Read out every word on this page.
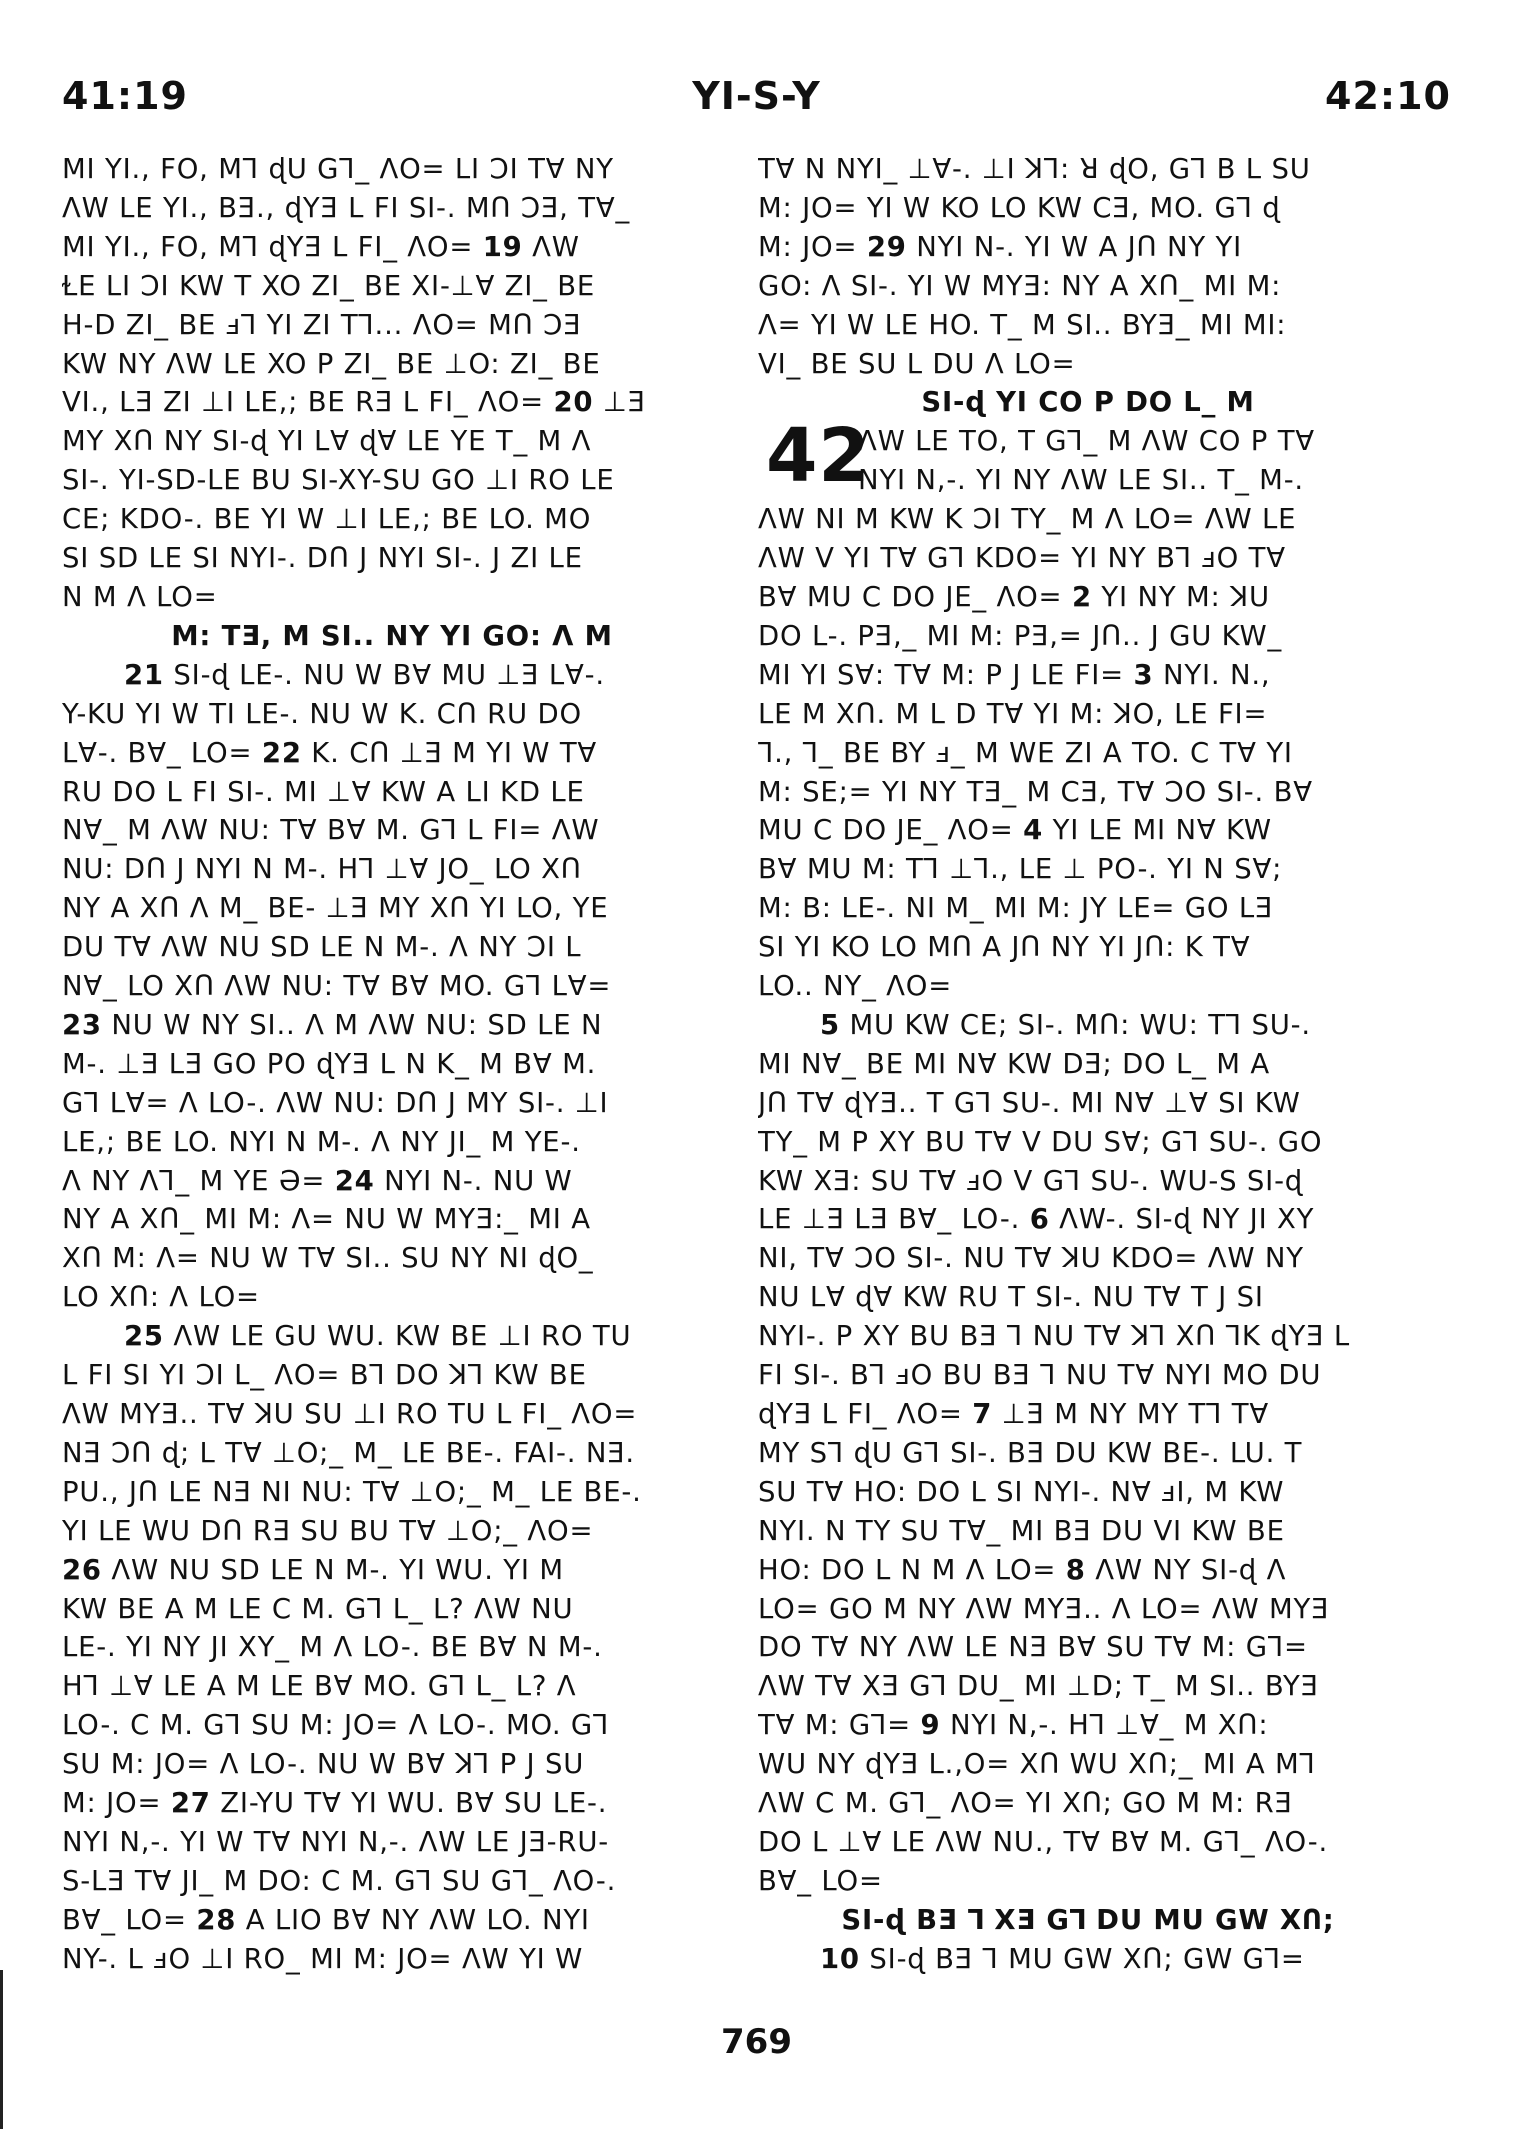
41:19	YI-S-Y	42:10
MI YI., FO, M⅂ ɖU G⅂_ ɅO= LI ƆI TⱯ NY
ɅW LE YI., BƎ., ɖYƎ L FI SI-. MՈ ƆƎ, TⱯ_
MI YI., FO, M⅂ ɖYƎ L FI_ ɅO= 19 ɅW
ⱢE LI ƆI KW T XO ZI_ BE XI-⊥Ɐ ZI_ BE
H-D ZI_ BE ⅎ⅂ YI ZI T⅂... ɅO= MՈ ƆƎ
KW NY ɅW LE XO P ZI_ BE ⊥O: ZI_ BE
VI., LƎ ZI ⊥I LE,; BE RƎ L FI_ ɅO= 20 ⊥Ǝ
MY XՈ NY SI-ɖ YI LⱯ ɖⱯ LE YE T_ M Ʌ
SI-. YI-SD-LE BU SI-XY-SU GO ⊥I RO LE
CE; KDO-. BE YI W ⊥I LE,; BE LO. MO
SI SD LE SI NYI-. DՈ J NYI SI-. J ZI LE
N M Ʌ LO=
M: TƎ, M SI.. NY YI GO: Ʌ M
21 SI-ɖ LE-. NU W BⱯ MU ⊥Ǝ LⱯ-.
Y-KU YI W TI LE-. NU W K. CՈ RU DO
LⱯ-. BⱯ_ LO= 22 K. CՈ ⊥Ǝ M YI W TⱯ
RU DO L FI SI-. MI ⊥Ɐ KW A LI KD LE
NⱯ_ M ɅW NU: TⱯ BⱯ M. G⅂ L FI= ɅW
NU: DՈ J NYI N M-. H⅂ ⊥Ɐ JO_ LO XՈ
NY A XՈ Ʌ M_ BE- ⊥Ǝ MY XՈ YI LO, YE
DU TⱯ ɅW NU SD LE N M-. Ʌ NY ƆI L
NⱯ_ LO XՈ ɅW NU: TⱯ BⱯ MO. G⅂ LⱯ=
23 NU W NY SI.. Ʌ M ɅW NU: SD LE N
M-. ⊥Ǝ LƎ GO PO ɖYƎ L N K_ M BⱯ M.
G⅂ LⱯ= Ʌ LO-. ɅW NU: DՈ J MY SI-. ⊥I
LE,; BE LO. NYI N M-. Ʌ NY JI_ M YE-.
Ʌ NY Ʌ⅂_ M YE Ә= 24 NYI N-. NU W
NY A XՈ_ MI M: Ʌ= NU W MYƎ:_ MI A
XՈ M: Ʌ= NU W TⱯ SI.. SU NY NI ɖO_
LO XՈ: Ʌ LO=
25 ɅW LE GU WU. KW BE ⊥I RO TU
L FI SI YI ƆI L_ ɅO= B⅂ DO ꓘ⅂ KW BE
ɅW MYƎ.. TⱯ ꓘU SU ⊥I RO TU L FI_ ɅO=
NƎ ƆՈ ɖ; L TⱯ ⊥O;_ M_ LE BE-. FAI-. NƎ.
PU., JՈ LE NƎ NI NU: TⱯ ⊥O;_ M_ LE BE-.
YI LE WU DՈ RƎ SU BU TⱯ ⊥O;_ ɅO=
26 ɅW NU SD LE N M-. YI WU. YI M
KW BE A M LE C M. G⅂ L_ L? ɅW NU
LE-. YI NY JI XY_ M Ʌ LO-. BE BⱯ N M-.
H⅂ ⊥Ɐ LE A M LE BⱯ MO. G⅂ L_ L? Ʌ
LO-. C M. G⅂ SU M: JO= Ʌ LO-. MO. G⅂
SU M: JO= Ʌ LO-. NU W BⱯ ꓘ⅂ P J SU
M: JO= 27 ZI-YU TⱯ YI WU. BⱯ SU LE-.
NYI N,-. YI W TⱯ NYI N,-. ɅW LE JƎ-RU-
S-LƎ TⱯ JI_ M DO: C M. G⅂ SU G⅂_ ɅO-.
BⱯ_ LO= 28 A LIO BⱯ NY ɅW LO. NYI
NY-. L ⅎO ⊥I RO_ MI M: JO= ɅW YI W
TⱯ N NYI_ ⊥Ɐ-. ⊥I ꓘ⅂: ꓤ ɖO, G⅂ B L SU
M: JO= YI W KO LO KW CƎ, MO. G⅂ ɖ
M: JO= 29 NYI N-. YI W A JՈ NY YI
GO: Ʌ SI-. YI W MYƎ: NY A XՈ_ MI M:
Ʌ= YI W LE HO. T_ M SI.. BYƎ_ MI MI:
VI_ BE SU L DU Ʌ LO=
SI-ɖ YI CO P DO L_ M
42
ɅW LE TO, T G⅂_ M ɅW CO P TⱯ
NYI N,-. YI NY ɅW LE SI.. T_ M-.
ɅW NI M KW K ƆI TY_ M Ʌ LO= ɅW LE
ɅW V YI TⱯ G⅂ KDO= YI NY B⅂ ⅎO TⱯ
BⱯ MU C DO JE_ ɅO= 2 YI NY M: ꓘU
DO L-. PƎ,_ MI M: PƎ,= JՈ.. J GU KW_
MI YI SⱯ: TⱯ M: P J LE FI= 3 NYI. N.,
LE M XՈ. M L D TⱯ YI M: ꓘO, LE FI=
⅂., ⅂_ BE BY ⅎ_ M WE ZI A TO. C TⱯ YI
M: SE;= YI NY TƎ_ M CƎ, TⱯ ƆO SI-. BⱯ
MU C DO JE_ ɅO= 4 YI LE MI NⱯ KW
BⱯ MU M: T⅂ ⊥⅂., LE ⊥ PO-. YI N SⱯ;
M: B: LE-. NI M_ MI M: JY LE= GO LƎ
SI YI KO LO MՈ A JՈ NY YI JՈ: K TⱯ
LO.. NY_ ɅO=
5 MU KW CE; SI-. MՈ: WU: T⅂ SU-.
MI NⱯ_ BE MI NⱯ KW DƎ; DO L_ M A
JՈ TⱯ ɖYƎ.. T G⅂ SU-. MI NⱯ ⊥Ɐ SI KW
TY_ M P XY BU TⱯ V DU SⱯ; G⅂ SU-. GO
KW XƎ: SU TⱯ ⅎO V G⅂ SU-. WU-S SI-ɖ
LE ⊥Ǝ LƎ BⱯ_ LO-. 6 ɅW-. SI-ɖ NY JI XY
NI, TⱯ ƆO SI-. NU TⱯ ꓘU KDO= ɅW NY
NU LⱯ ɖⱯ KW RU T SI-. NU TⱯ T J SI
NYI-. P XY BU BƎ ⅂ NU TⱯ ꓘ⅂ XՈ ⅂K ɖYƎ L
FI SI-. B⅂ ⅎO BU BƎ ⅂ NU TⱯ NYI MO DU
ɖYƎ L FI_ ɅO= 7 ⊥Ǝ M NY MY T⅂ TⱯ
MY S⅂ ɖU G⅂ SI-. BƎ DU KW BE-. LU. T
SU TⱯ HO: DO L SI NYI-. NⱯ ⅎI, M KW
NYI. N TY SU TⱯ_ MI BƎ DU VI KW BE
HO: DO L N M Ʌ LO= 8 ɅW NY SI-ɖ Ʌ
LO= GO M NY ɅW MYƎ.. Ʌ LO= ɅW MYƎ
DO TⱯ NY ɅW LE NƎ BⱯ SU TⱯ M: G⅂=
ɅW TⱯ XƎ G⅂ DU_ MI ⊥D; T_ M SI.. BYƎ
TⱯ M: G⅂= 9 NYI N,-. H⅂ ⊥Ɐ_ M XՈ:
WU NY ɖYƎ L.,O= XՈ WU XՈ;_ MI A M⅂
ɅW C M. G⅂_ ɅO= YI XՈ; GO M M: RƎ
DO L ⊥Ɐ LE ɅW NU., TⱯ BⱯ M. G⅂_ ɅO-.
BⱯ_ LO=
SI-ɖ BƎ ⅂ XƎ G⅂ DU MU GW XՈ;
10 SI-ɖ BƎ ⅂ MU GW XՈ; GW G⅂=
769
